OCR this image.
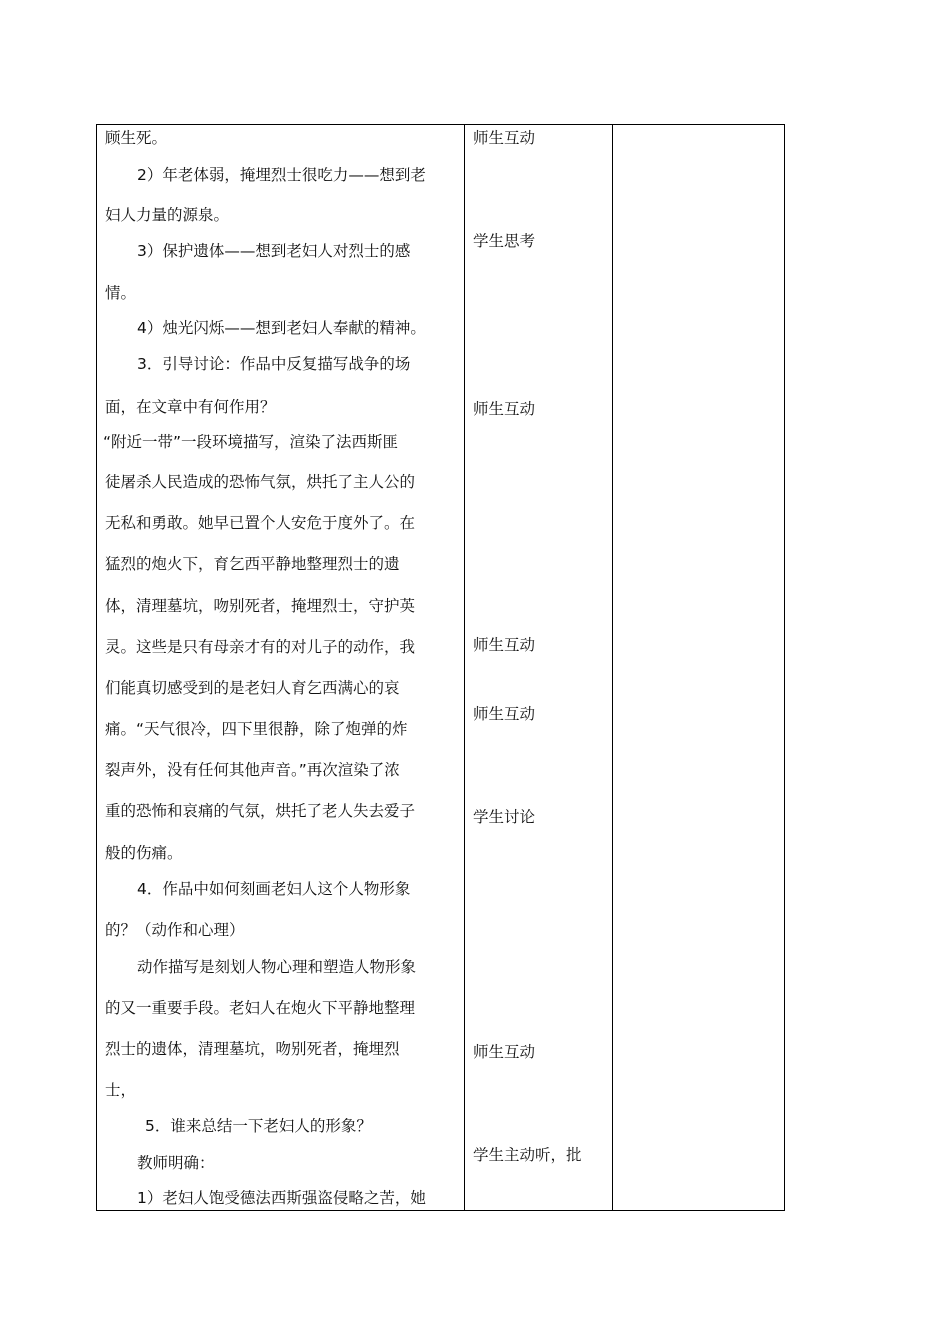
顾生死。
2）年老体弱，掩埋烈士很吃力——想到老
妇人力量的源泉。
3）保护遗体——想到老妇人对烈士的感
情。
4）烛光闪烁——想到老妇人奉献的精神。
3．引导讨论：作品中反复描写战争的场
面，在文章中有何作用？
“附近一带”一段环境描写，渲染了法西斯匪
徒屠杀人民造成的恐怖气氛，烘托了主人公的
无私和勇敢。她早已置个人安危于度外了。在
猛烈的炮火下，育乞西平静地整理烈士的遗
体，清理墓坑，吻别死者，掩埋烈士，守护英
灵。这些是只有母亲才有的对儿子的动作，我
们能真切感受到的是老妇人育乞西满心的哀
痛。“天气很冷，四下里很静，除了炮弹的炸
裂声外，没有任何其他声音。”再次渲染了浓
重的恐怖和哀痛的气氛，烘托了老人失去爱子
般的伤痛。
4．作品中如何刻画老妇人这个人物形象
的？（动作和心理）
动作描写是刻划人物心理和塑造人物形象
的又一重要手段。老妇人在炮火下平静地整理
烈士的遗体，清理墓坑，吻别死者，掩埋烈
士，
5．谁来总结一下老妇人的形象？
教师明确：
1）老妇人饱受德法西斯强盗侵略之苦，她
师生互动
学生思考
师生互动
师生互动
师生互动
学生讨论
师生互动
学生主动听，批
